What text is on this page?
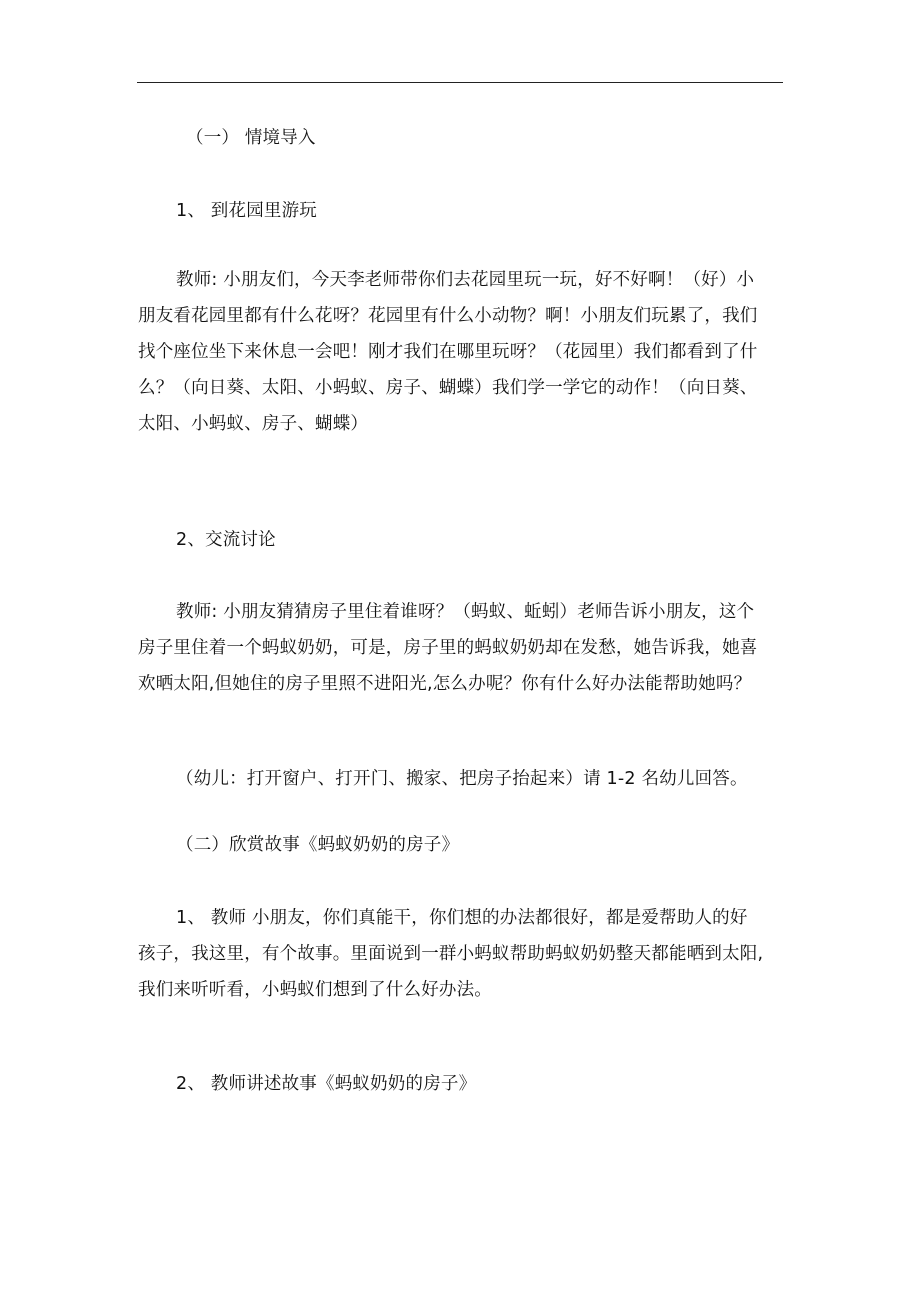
（一） 情境导入
1、 到花园里游玩
教师: 小朋友们，今天李老师带你们去花园里玩一玩，好不好啊！（好）小
朋友看花园里都有什么花呀？花园里有什么小动物？啊！小朋友们玩累了，我们
找个座位坐下来休息一会吧！刚才我们在哪里玩呀？（花园里）我们都看到了什
么？（向日葵、太阳、小蚂蚁、房子、蝴蝶）我们学一学它的动作！（向日葵、
太阳、小蚂蚁、房子、蝴蝶）
2、交流讨论
教师: 小朋友猜猜房子里住着谁呀？（蚂蚁、蚯蚓）老师告诉小朋友，这个
房子里住着一个蚂蚁奶奶，可是，房子里的蚂蚁奶奶却在发愁，她告诉我，她喜
欢晒太阳,但她住的房子里照不进阳光,怎么办呢？你有什么好办法能帮助她吗？
（幼儿：打开窗户、打开门、搬家、把房子抬起来）请 1-2 名幼儿回答。
（二）欣赏故事《蚂蚁奶奶的房子》
1、 教师 小朋友，你们真能干，你们想的办法都很好，都是爱帮助人的好
孩子，我这里，有个故事。里面说到一群小蚂蚁帮助蚂蚁奶奶整天都能晒到太阳,
我们来听听看，小蚂蚁们想到了什么好办法。
2、 教师讲述故事《蚂蚁奶奶的房子》
